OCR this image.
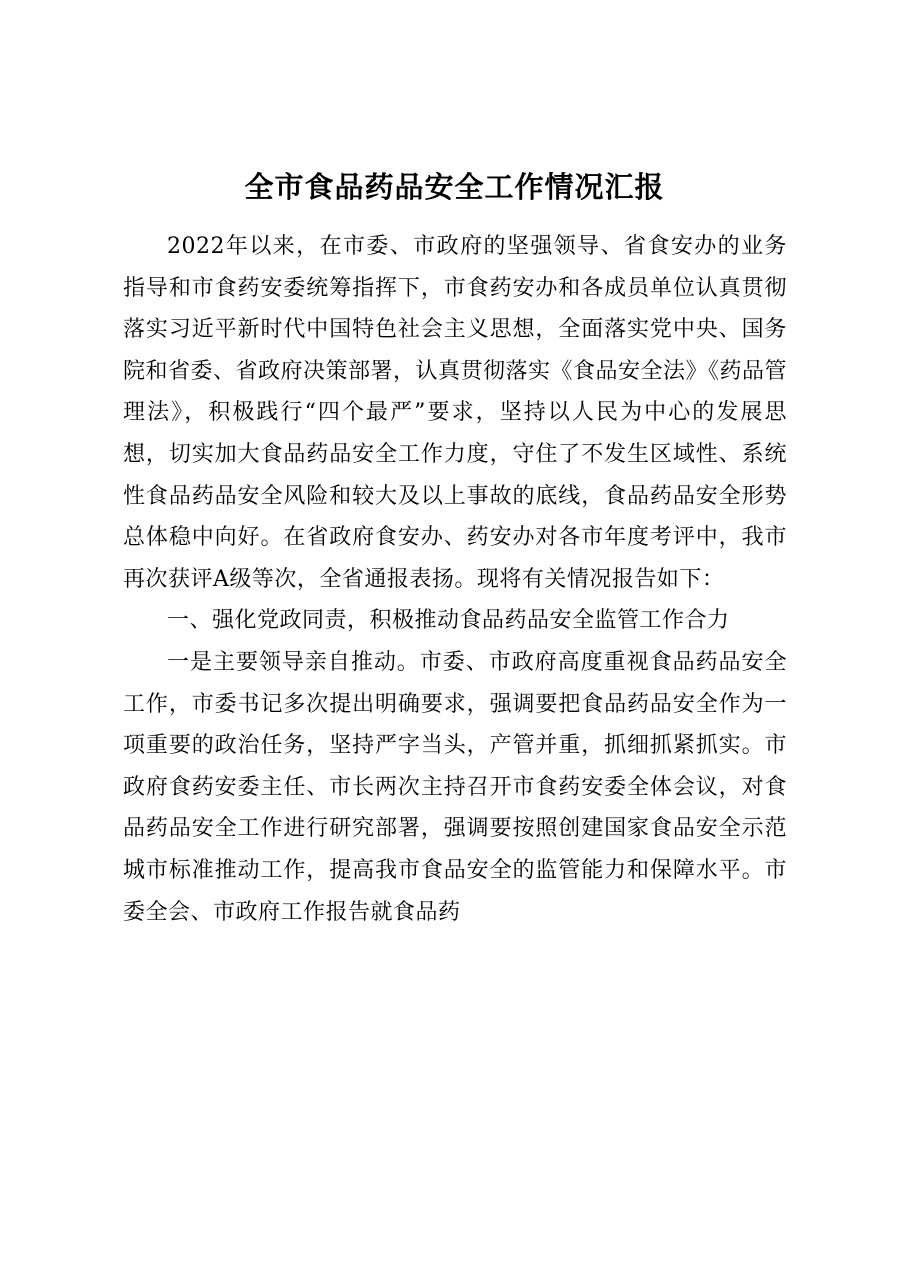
全市食品药品安全工作情况汇报

2022年以来，在市委、市政府的坚强领导、省食安办的业务指导和市食药安委统筹指挥下，市食药安办和各成员单位认真贯彻落实习近平新时代中国特色社会主义思想，全面落实党中央、国务院和省委、省政府决策部署，认真贯彻落实《食品安全法》《药品管理法》，积极践行“四个最严”要求，坚持以人民为中心的发展思想，切实加大食品药品安全工作力度，守住了不发生区域性、系统性食品药品安全风险和较大及以上事故的底线，食品药品安全形势总体稳中向好。在省政府食安办、药安办对各市年度考评中，我市再次获评A级等次，全省通报表扬。现将有关情况报告如下：

一、强化党政同责，积极推动食品药品安全监管工作合力

一是主要领导亲自推动。市委、市政府高度重视食品药品安全工作，市委书记多次提出明确要求，强调要把食品药品安全作为一项重要的政治任务，坚持严字当头，产管并重，抓细抓紧抓实。市政府食药安委主任、市长两次主持召开市食药安委全体会议，对食品药品安全工作进行研究部署，强调要按照创建国家食品安全示范城市标准推动工作，提高我市食品安全的监管能力和保障水平。市委全会、市政府工作报告就食品药
